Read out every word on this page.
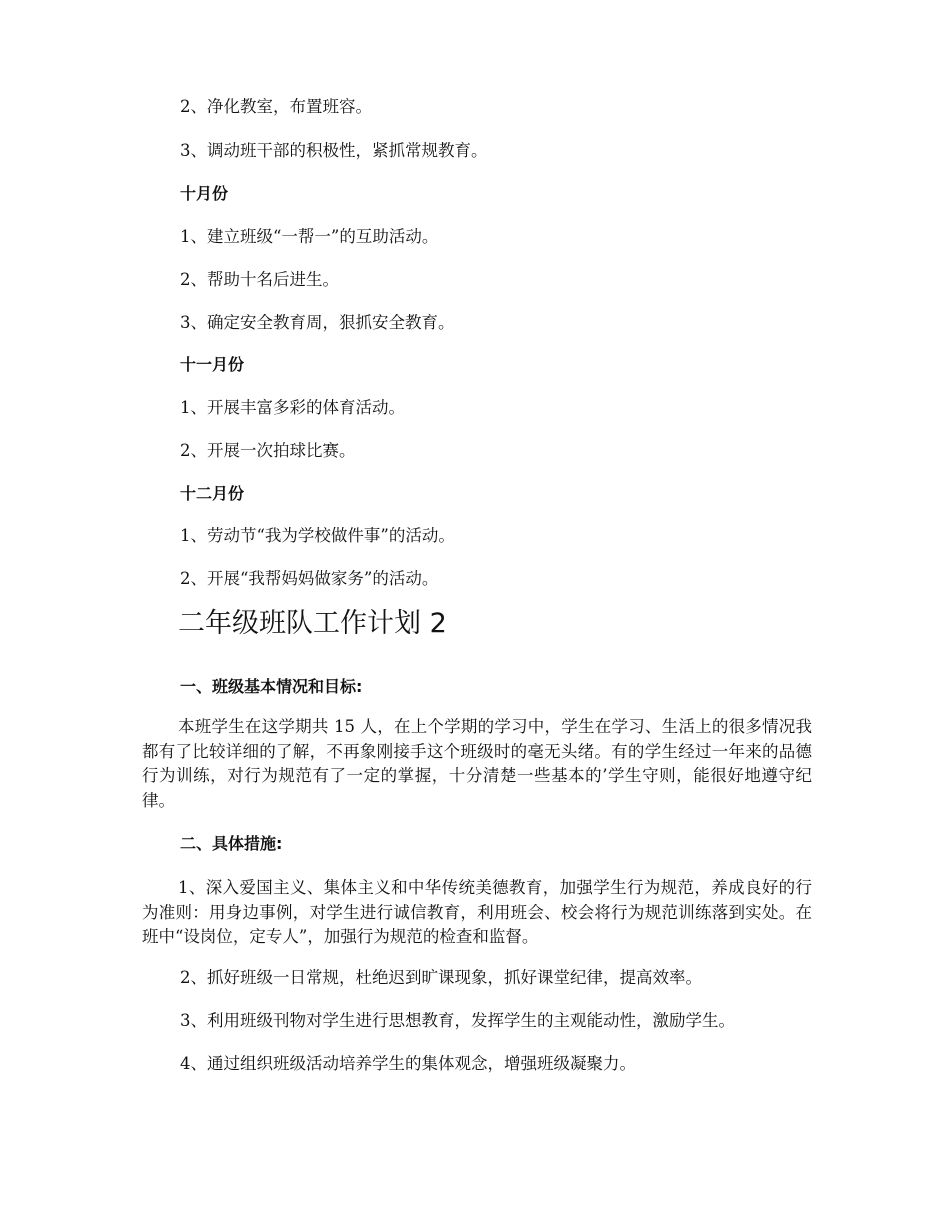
2、净化教室，布置班容。

3、调动班干部的积极性，紧抓常规教育。

十月份

1、建立班级“一帮一”的互助活动。

2、帮助十名后进生。

3、确定安全教育周，狠抓安全教育。

十一月份

1、开展丰富多彩的体育活动。

2、开展一次拍球比赛。

十二月份

1、劳动节“我为学校做件事”的活动。

2、开展“我帮妈妈做家务”的活动。

二年级班队工作计划 2

一、班级基本情况和目标:

本班学生在这学期共 15 人，在上个学期的学习中，学生在学习、生活上的很多情况我都有了比较详细的了解，不再象刚接手这个班级时的毫无头绪。有的学生经过一年来的品德行为训练，对行为规范有了一定的掌握，十分清楚一些基本的’学生守则，能很好地遵守纪律。

二、具体措施:

1、深入爱国主义、集体主义和中华传统美德教育，加强学生行为规范，养成良好的行为准则：用身边事例，对学生进行诚信教育，利用班会、校会将行为规范训练落到实处。在班中“设岗位，定专人”，加强行为规范的检查和监督。

2、抓好班级一日常规，杜绝迟到旷课现象，抓好课堂纪律，提高效率。

3、利用班级刊物对学生进行思想教育，发挥学生的主观能动性，激励学生。

4、通过组织班级活动培养学生的集体观念，增强班级凝聚力。
